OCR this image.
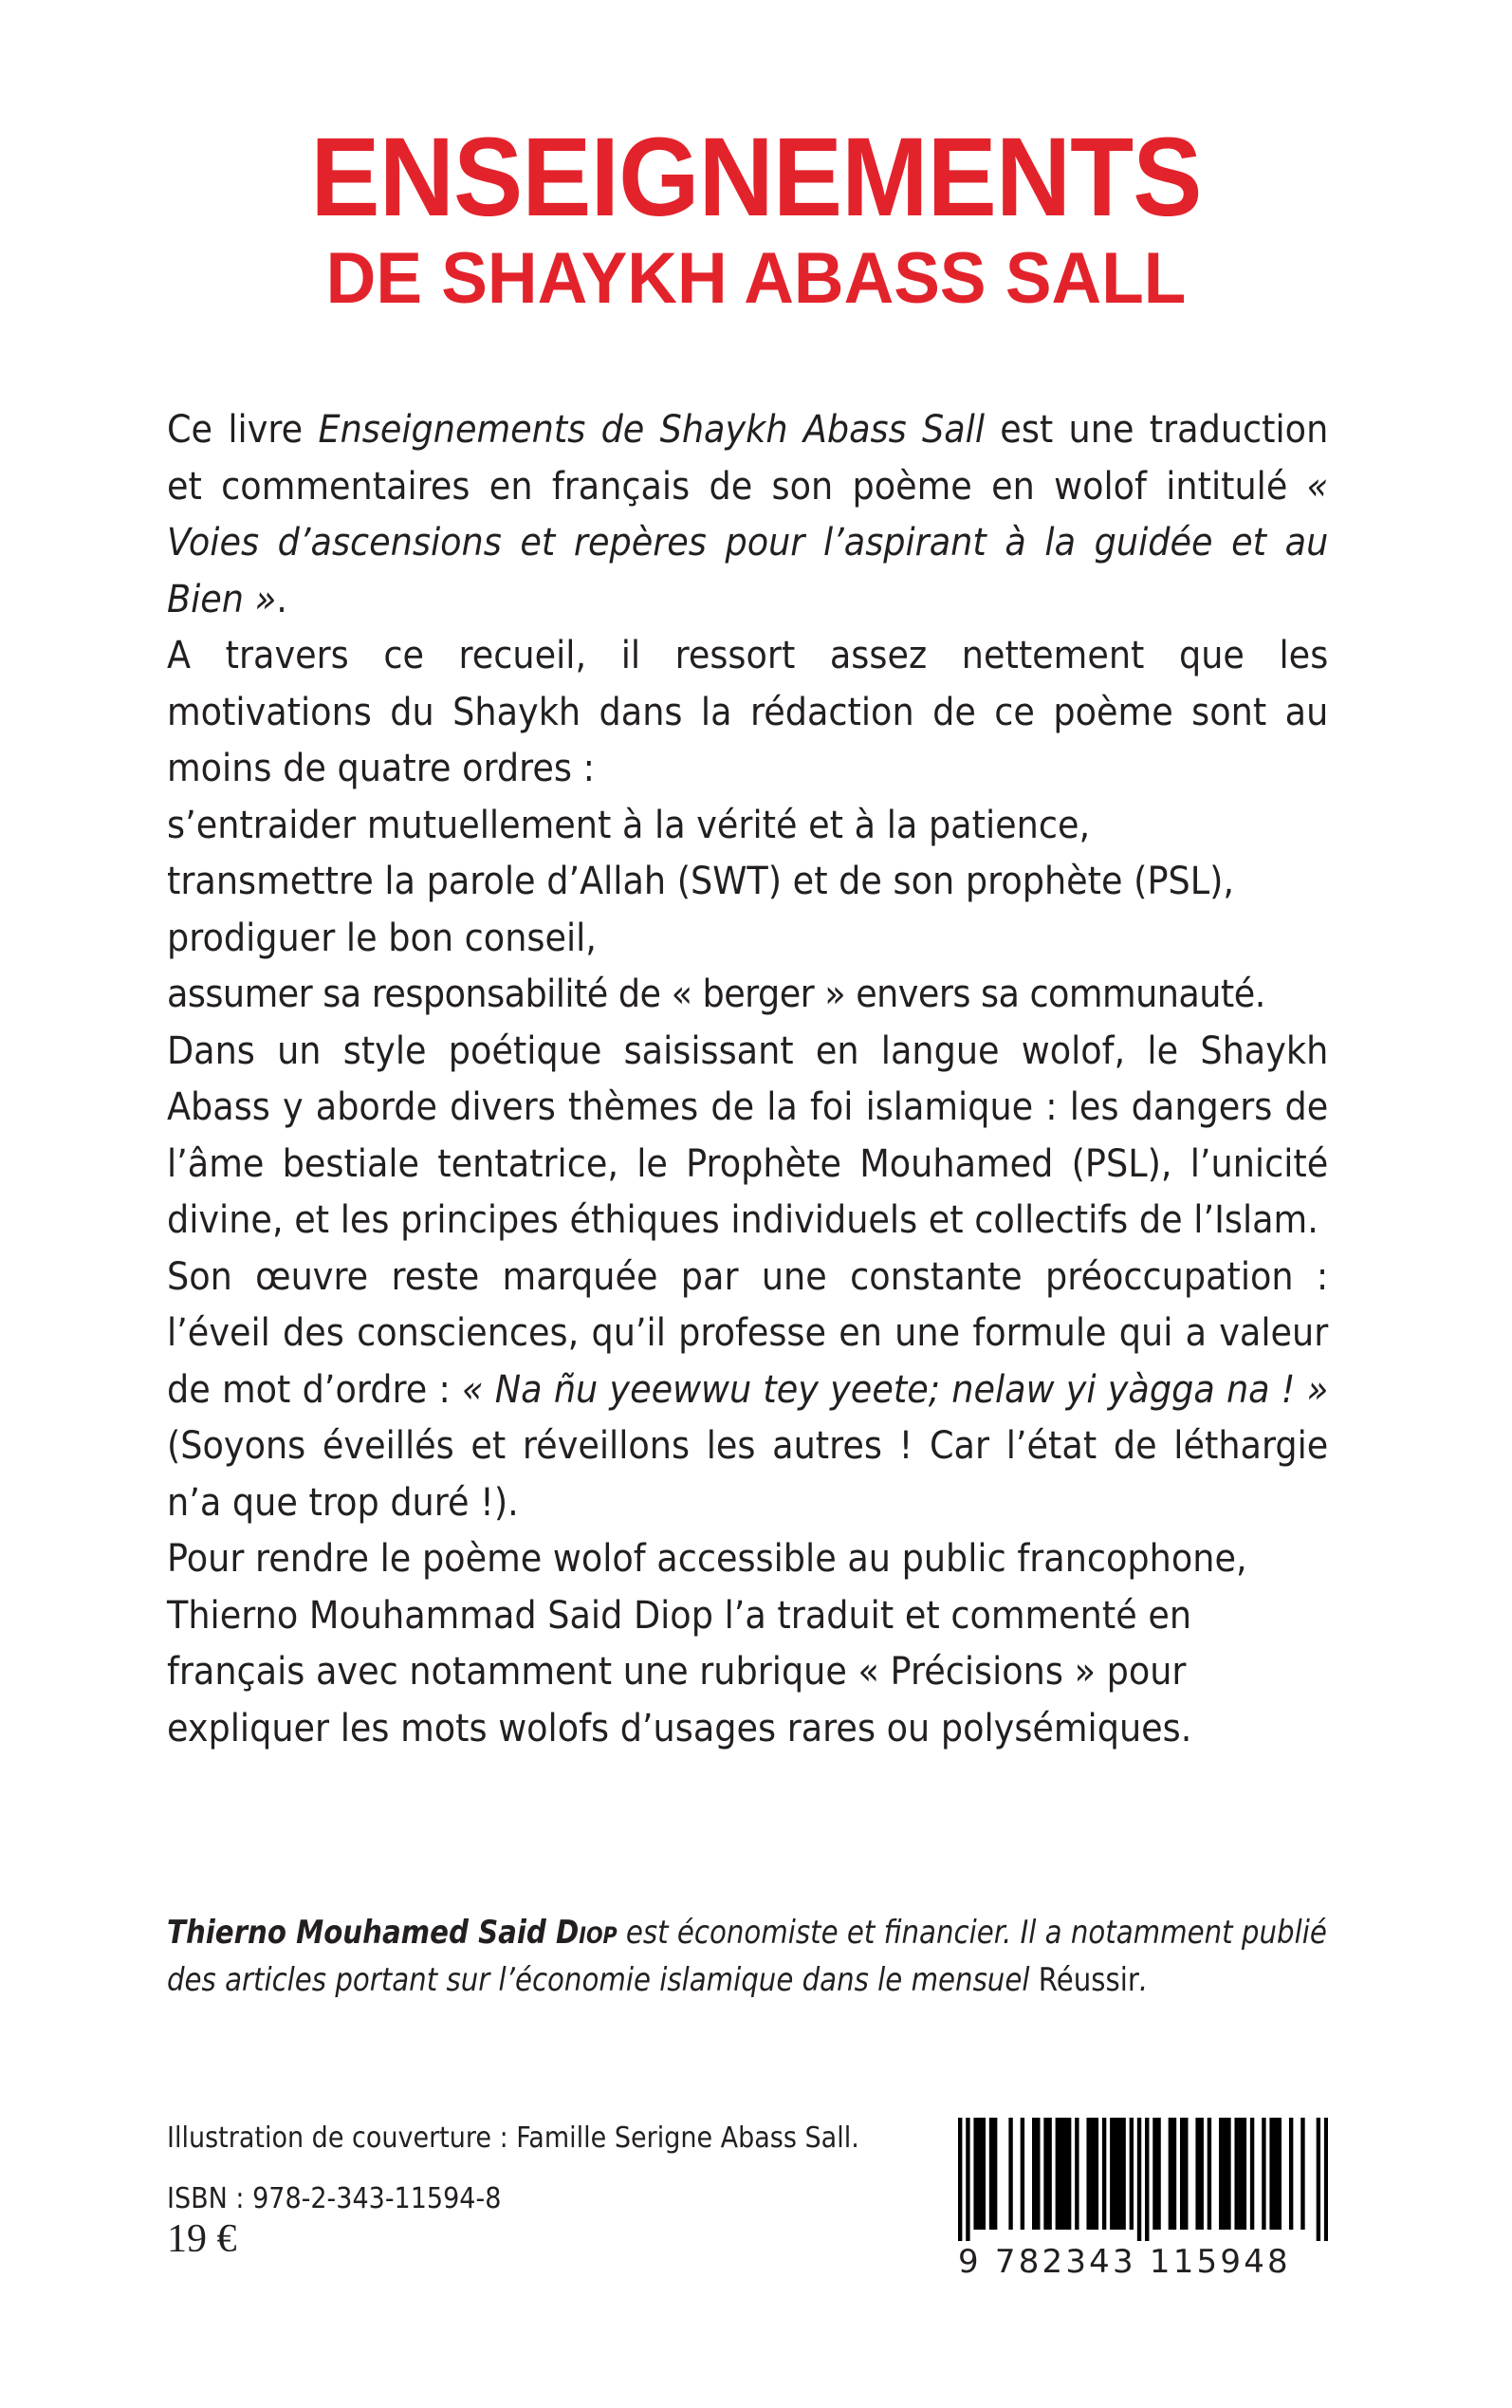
ENSEIGNEMENTS
DE SHAYKH ABASS SALL

Ce livre Enseignements de Shaykh Abass Sall est une traduction et commentaires en français de son poème en wolof intitulé « Voies d’ascensions et repères pour l’aspirant à la guidée et au Bien ».

A travers ce recueil, il ressort assez nettement que les motivations du Shaykh dans la rédaction de ce poème sont au moins de quatre ordres :

s’entraider mutuellement à la vérité et à la patience,

transmettre la parole d’Allah (SWT) et de son prophète (PSL),

prodiguer le bon conseil,

assumer sa responsabilité de « berger » envers sa communauté.

Dans un style poétique saisissant en langue wolof, le Shaykh Abass y aborde divers thèmes de la foi islamique : les dangers de l’âme bestiale tentatrice, le Prophète Mouhamed (PSL), l’unicité divine, et les principes éthiques individuels et collectifs de l’Islam.

Son œuvre reste marquée par une constante préoccupation : l’éveil des consciences, qu’il professe en une formule qui a valeur de mot d’ordre : « Na ñu yeewwu tey yeete; nelaw yi yàgga na ! » (Soyons éveillés et réveillons les autres ! Car l’état de léthargie n’a que trop duré !).

Pour rendre le poème wolof accessible au public francophone, Thierno Mouhammad Said Diop l’a traduit et commenté en français avec notamment une rubrique « Précisions » pour expliquer les mots wolofs d’usages rares ou polysémiques.

Thierno Mouhamed Said Diop est économiste et financier. Il a notamment publié des articles portant sur l’économie islamique dans le mensuel Réussir.
Illustration de couverture : Famille Serigne Abass Sall.
ISBN : 978-2-343-11594-8
19 €
9 782343 115948
